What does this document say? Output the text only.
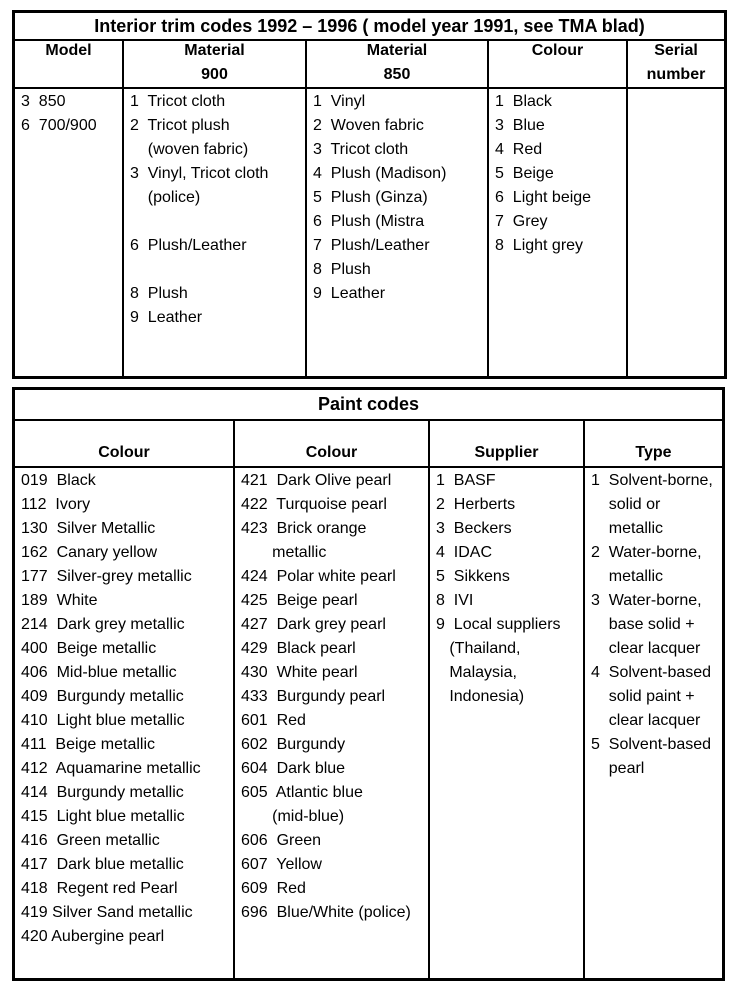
Interior trim codes 1992 – 1996 ( model year 1991, see TMA blad)
Model
3  850
6  700/900
Material
900
1  Tricot cloth
2  Tricot plush
(woven fabric)
3  Vinyl, Tricot cloth
(police)
6  Plush/Leather
8  Plush
9  Leather
Material
850
1  Vinyl
2  Woven fabric
3  Tricot cloth
4  Plush (Madison)
5  Plush (Ginza)
6  Plush (Mistra
7  Plush/Leather
8  Plush
9  Leather
Colour
1  Black
3  Blue
4  Red
5  Beige
6  Light beige
7  Grey
8  Light grey
Serial
number
Paint codes
Colour
019  Black
112  Ivory
130  Silver Metallic
162  Canary yellow
177  Silver-grey metallic
189  White
214  Dark grey metallic
400  Beige metallic
406  Mid-blue metallic
409  Burgundy metallic
410  Light blue metallic
411  Beige metallic
412  Aquamarine metallic
414  Burgundy metallic
415  Light blue metallic
416  Green metallic
417  Dark blue metallic
418  Regent red Pearl
419 Silver Sand metallic
420 Aubergine pearl
Colour
421  Dark Olive pearl
422  Turquoise pearl
423  Brick orange
metallic
424  Polar white pearl
425  Beige pearl
427  Dark grey pearl
429  Black pearl
430  White pearl
433  Burgundy pearl
601  Red
602  Burgundy
604  Dark blue
605  Atlantic blue
(mid-blue)
606  Green
607  Yellow
609  Red
696  Blue/White (police)
Supplier
1  BASF
2  Herberts
3  Beckers
4  IDAC
5  Sikkens
8  IVI
9  Local suppliers
(Thailand,
Malaysia,
Indonesia)
Type
1  Solvent-borne,
solid or
metallic
2  Water-borne,
metallic
3  Water-borne,
base solid +
clear lacquer
4  Solvent-based
solid paint +
clear lacquer
5  Solvent-based
pearl
